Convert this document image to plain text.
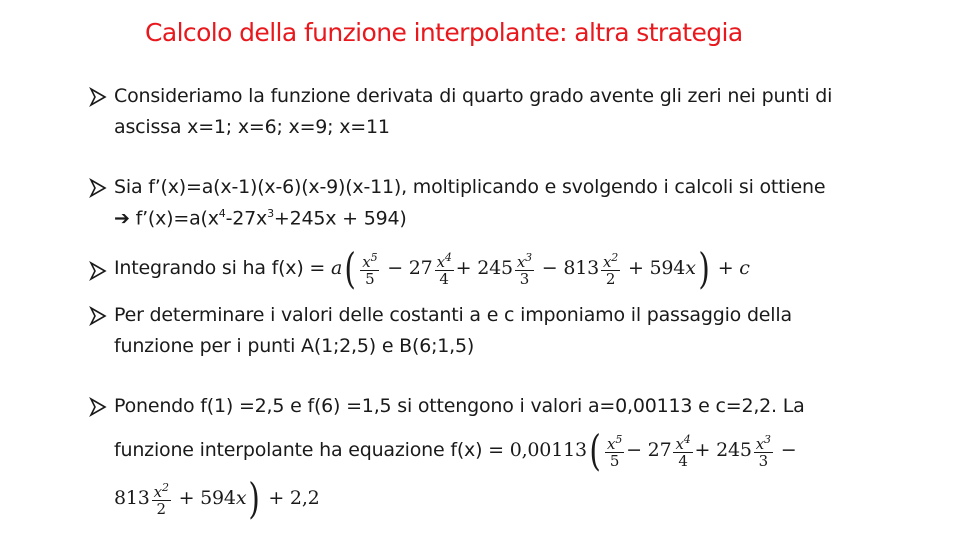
Calcolo della funzione interpolante: altra strategia
Consideriamo la funzione derivata di quarto grado avente gli zeri nei punti di
ascissa x=1; x=6; x=9; x=11
Sia f’(x)=a(x-1)(x-6)(x-9)(x-11), moltiplicando e svolgendo i calcoli si ottiene
➔ $f’(x)=a(x^4-27x^3+245x + 594)$
Integrando si ha $f(x) = a( \frac{x^5}{5} - 27 \frac{x^4}{4} + 245 \frac{x^3}{3} - 813 \frac{x^2}{2} + 594x) + c$
Per determinare i valori delle costanti a e c imponiamo il passaggio della
funzione per i punti A(1;2,5) e B(6;1,5)
Ponendo f(1) =2,5 e f(6) =1,5 si ottengono i valori a=0,00113 e c=2,2. La
funzione interpolante ha equazione $f(x) = 0,00113( \frac{x^5}{5} - 27 \frac{x^4}{4} + 245 \frac{x^3}{3}$ −
$813 \frac{x^2}{2} + 594x) + 2,2$
